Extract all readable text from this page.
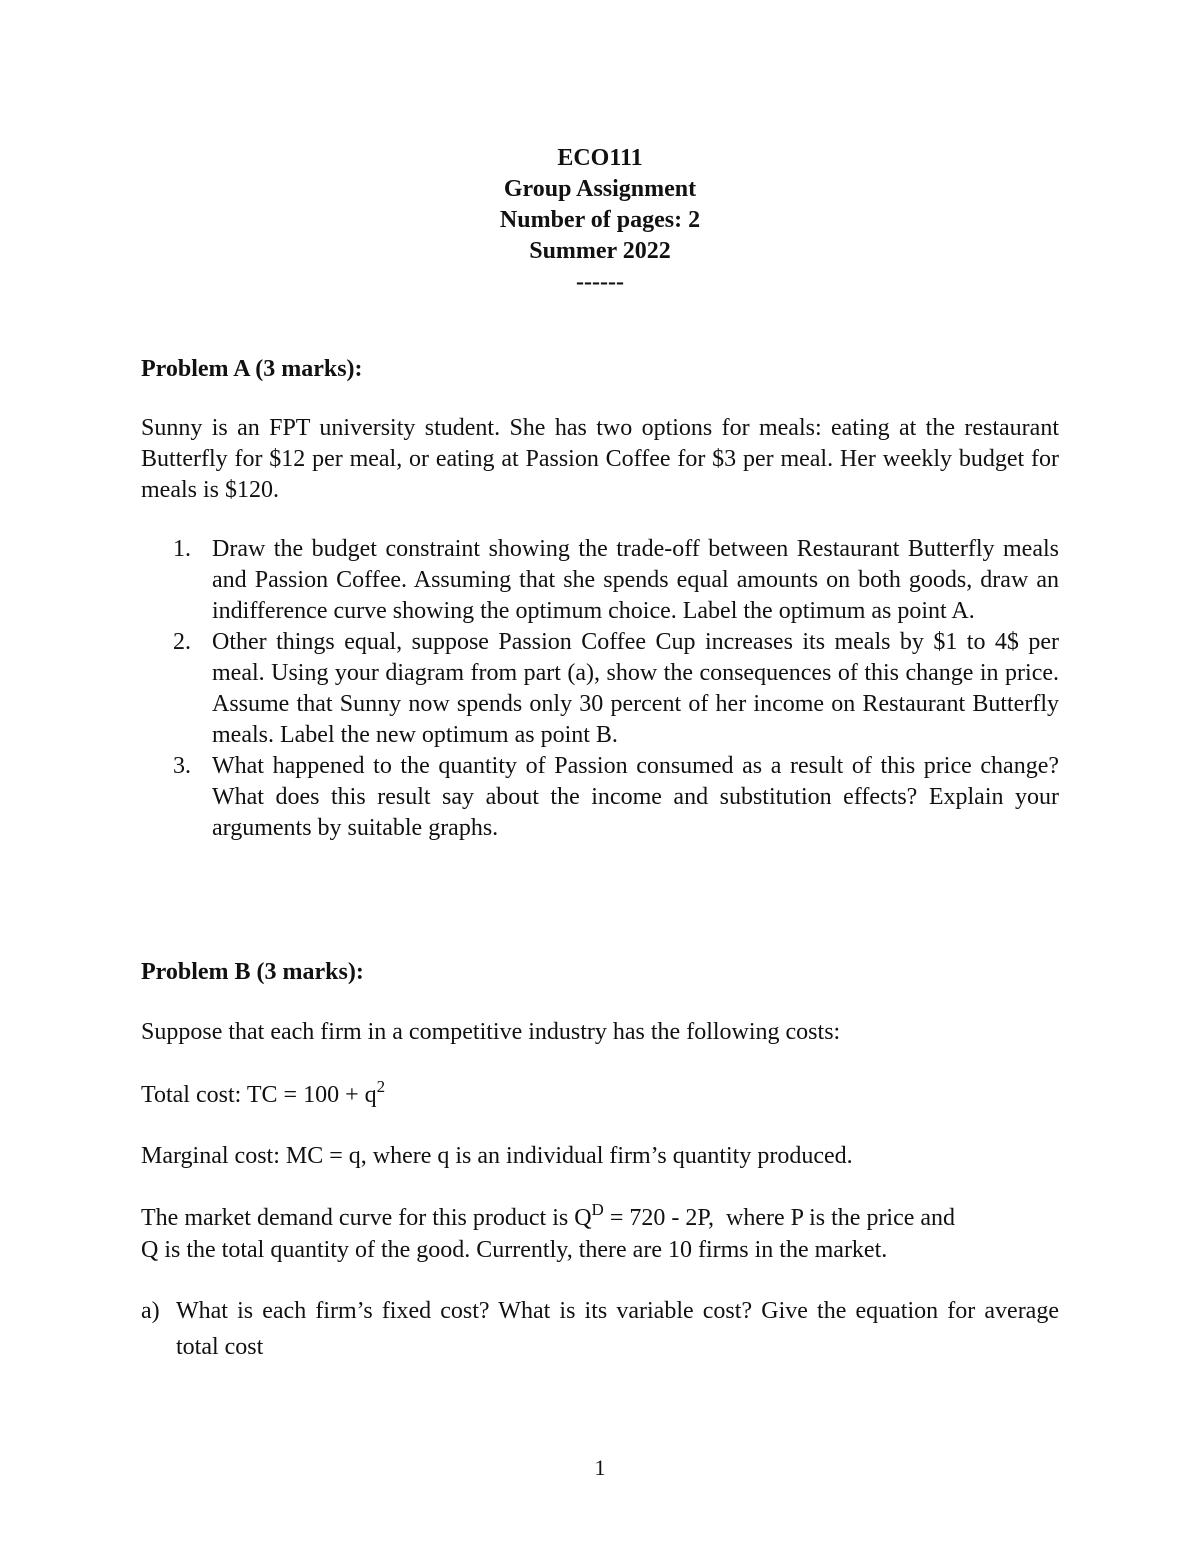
ECO111
Group Assignment
Number of pages: 2
Summer 2022
------
Problem A (3 marks):
Sunny is an FPT university student. She has two options for meals: eating at the restaurant Butterfly for $12 per meal, or eating at Passion Coffee for $3 per meal. Her weekly budget for meals is $120.
1. Draw the budget constraint showing the trade-off between Restaurant Butterfly meals and Passion Coffee. Assuming that she spends equal amounts on both goods, draw an indifference curve showing the optimum choice. Label the optimum as point A.
2. Other things equal, suppose Passion Coffee Cup increases its meals by $1 to 4$ per meal. Using your diagram from part (a), show the consequences of this change in price. Assume that Sunny now spends only 30 percent of her income on Restaurant Butterfly meals. Label the new optimum as point B.
3. What happened to the quantity of Passion consumed as a result of this price change? What does this result say about the income and substitution effects? Explain your arguments by suitable graphs.
Problem B (3 marks):
Suppose that each firm in a competitive industry has the following costs:
Total cost: TC = $100 + q^2$
Marginal cost: MC = q, where q is an individual firm’s quantity produced.
The market demand curve for this product is $Q^D = 720 - 2P$,  where P is the price and
Q is the total quantity of the good. Currently, there are 10 firms in the market.
a) What is each firm’s fixed cost? What is its variable cost? Give the equation for average total cost
1
